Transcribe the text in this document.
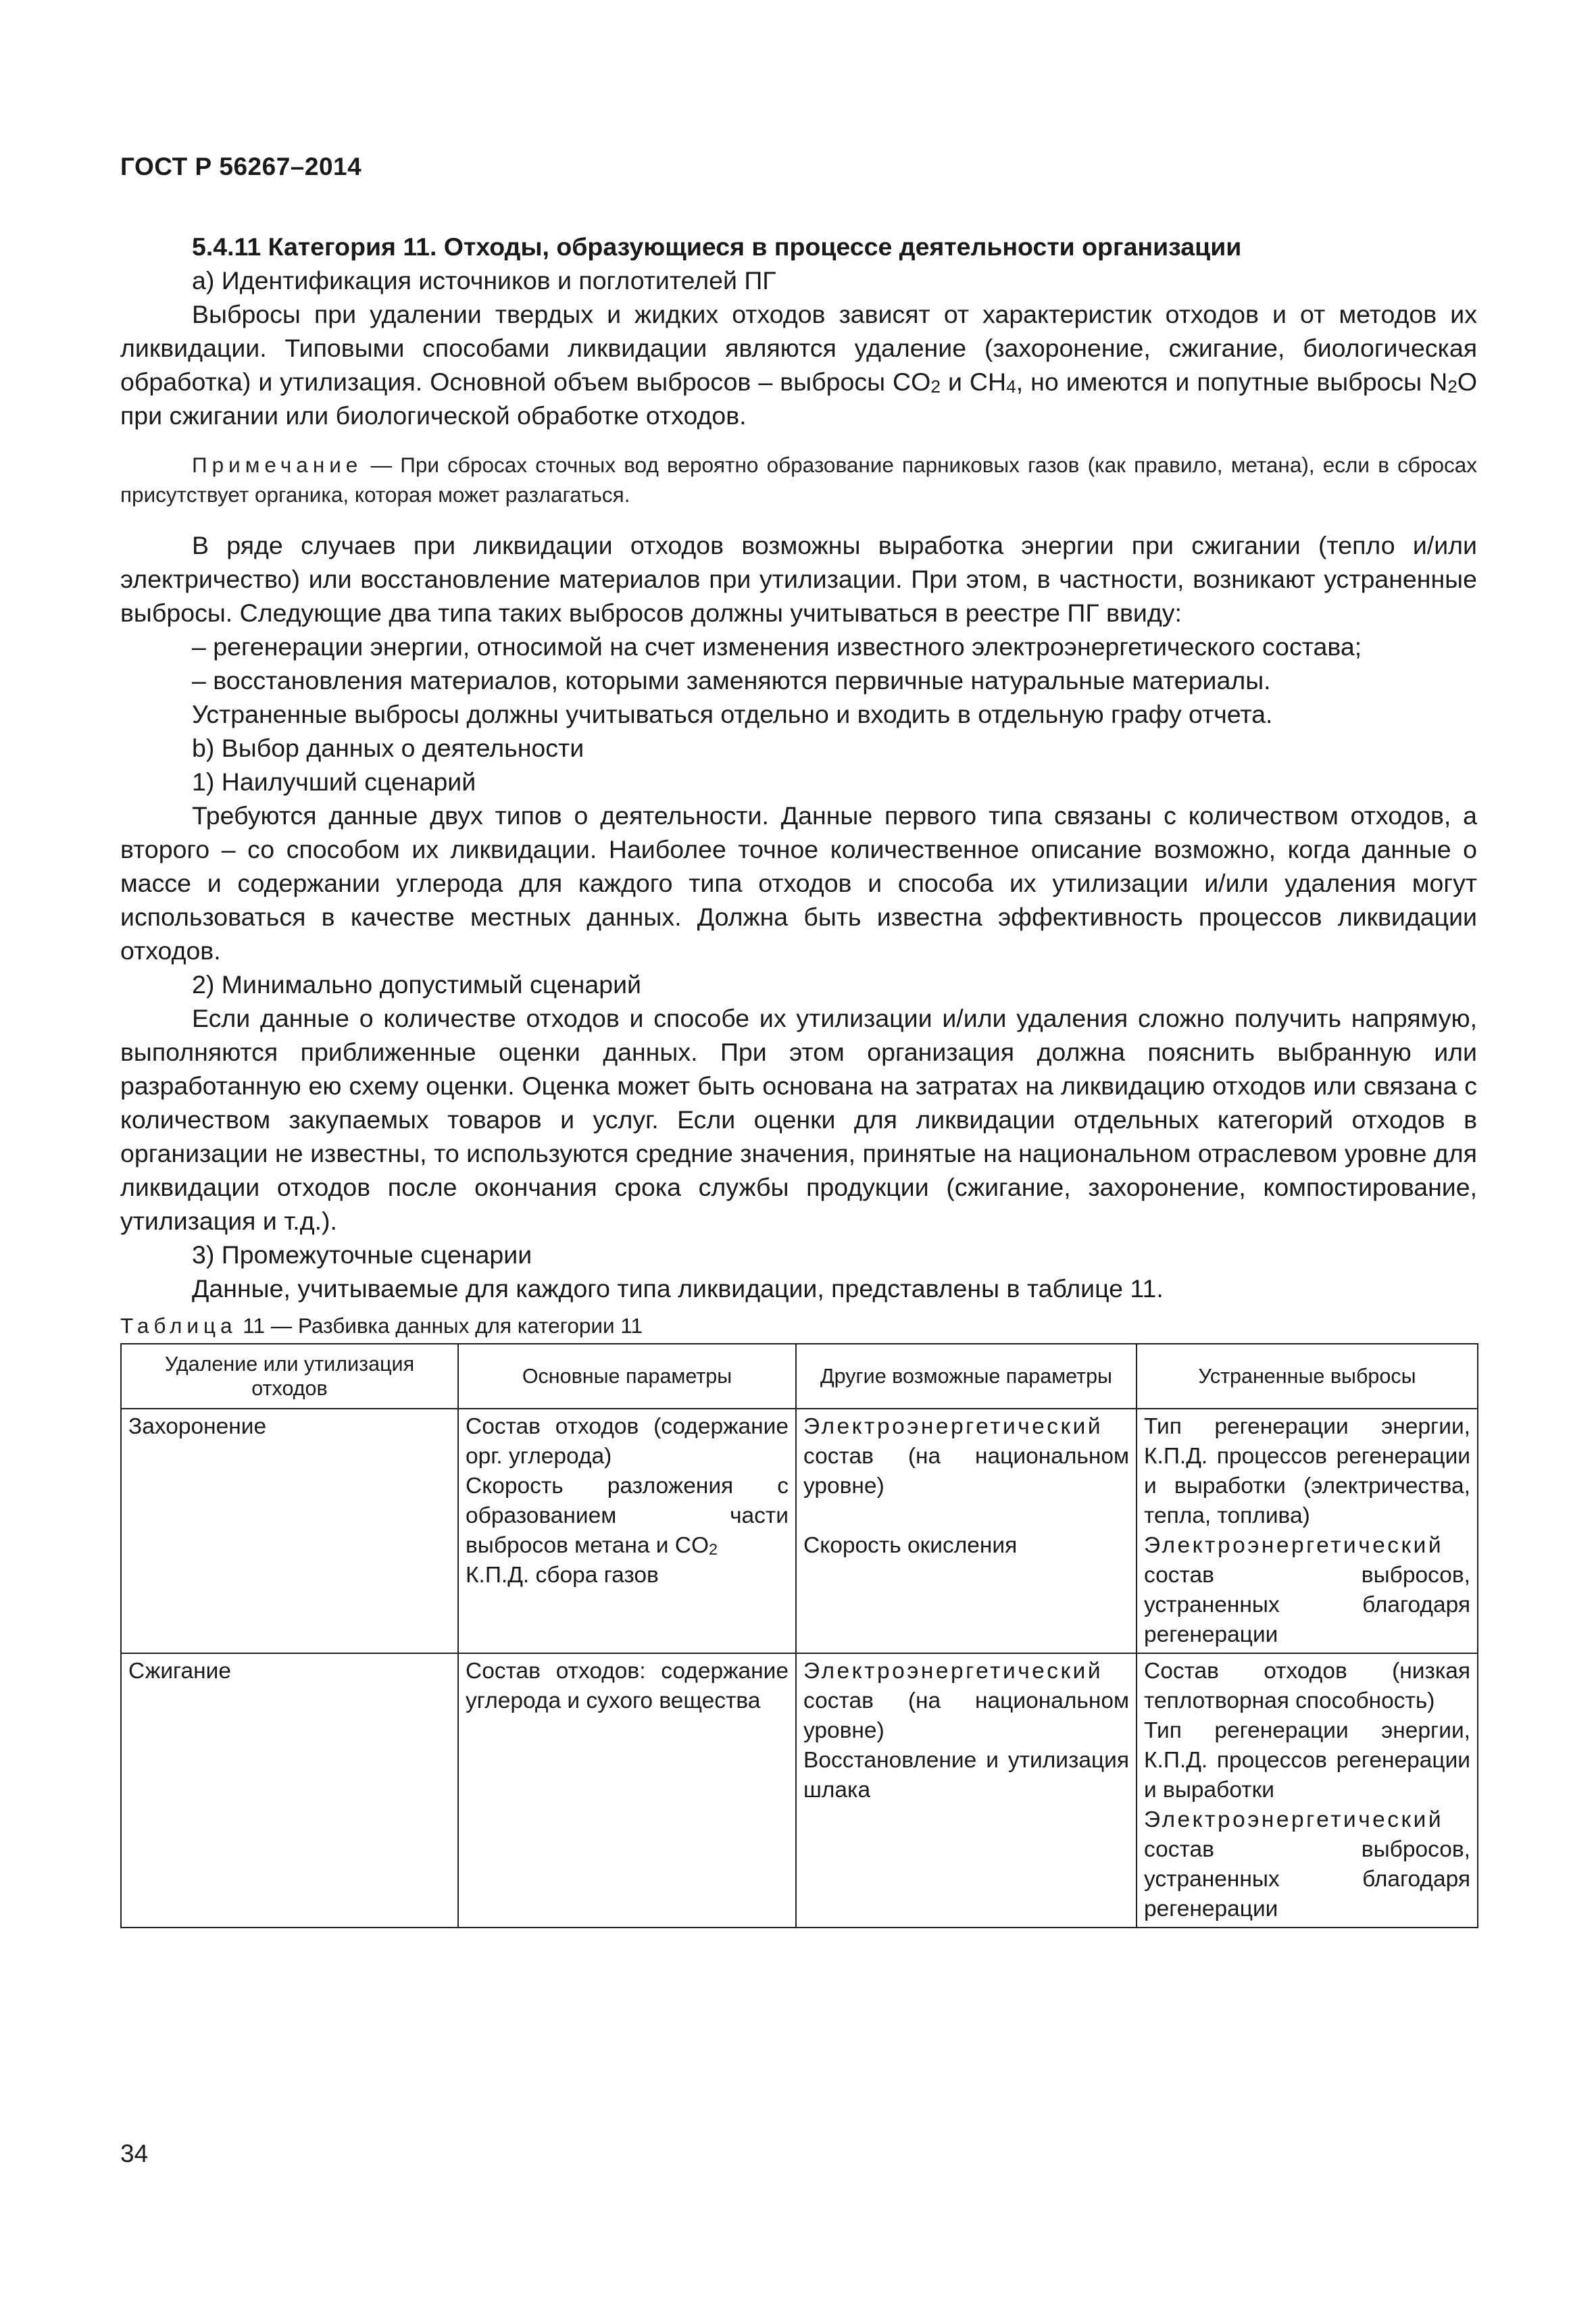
ГОСТ Р 56267–2014

5.4.11 Категория 11. Отходы, образующиеся в процессе деятельности организации

а) Идентификация источников и поглотителей ПГ

Выбросы при удалении твердых и жидких отходов зависят от характеристик отходов и от методов их ликвидации. Типовыми способами ликвидации являются удаление (захоронение, сжигание, биологическая обработка) и утилизация. Основной объем выбросов – выбросы $CO_2$ и $CH_4$, но имеются и попутные выбросы $N_2O$ при сжигании или биологической обработке отходов.

Примечание — При сбросах сточных вод вероятно образование парниковых газов (как правило, метана), если в сбросах присутствует органика, которая может разлагаться.

В ряде случаев при ликвидации отходов возможны выработка энергии при сжигании (тепло и/или электричество) или восстановление материалов при утилизации. При этом, в частности, возникают устраненные выбросы. Следующие два типа таких выбросов должны учитываться в реестре ПГ ввиду:

– регенерации энергии, относимой на счет изменения известного электроэнергетического состава;

– восстановления материалов, которыми заменяются первичные натуральные материалы.

Устраненные выбросы должны учитываться отдельно и входить в отдельную графу отчета.

b) Выбор данных о деятельности

1) Наилучший сценарий

Требуются данные двух типов о деятельности. Данные первого типа связаны с количеством отходов, а второго – со способом их ликвидации. Наиболее точное количественное описание возможно, когда данные о массе и содержании углерода для каждого типа отходов и способа их утилизации и/или удаления могут использоваться в качестве местных данных. Должна быть известна эффективность процессов ликвидации отходов.

2) Минимально допустимый сценарий

Если данные о количестве отходов и способе их утилизации и/или удаления сложно получить напрямую, выполняются приближенные оценки данных. При этом организация должна пояснить выбранную или разработанную ею схему оценки. Оценка может быть основана на затратах на ликвидацию отходов или связана с количеством закупаемых товаров и услуг. Если оценки для ликвидации отдельных категорий отходов в организации не известны, то используются средние значения, принятые на национальном отраслевом уровне для ликвидации отходов после окончания срока службы продукции (сжигание, захоронение, компостирование, утилизация и т.д.).

3) Промежуточные сценарии

Данные, учитываемые для каждого типа ликвидации, представлены в таблице 11.

Таблица 11 — Разбивка данных для категории 11
Удаление или утилизация отходов	Основные параметры	Другие возможные параметры	Устраненные выбросы

Захоронение	Состав отходов (содержание орг. углерода)
Скорость разложения с образованием части выбросов метана и $CO_2$
К.П.Д. сбора газов	Электроэнергетический
состав (на национальном уровне)
Скорость окисления	Тип регенерации энергии, К.П.Д. процессов регенерации и выработки (электричества, тепла, топлива)
Электроэнергетический
состав выбросов, устраненных благодаря регенерации

Сжигание	Состав отходов: содержание углерода и сухого вещества	Электроэнергетический
состав (на национальном уровне)
Восстановление и утилизация шлака	Состав отходов (низкая теплотворная способность)
Тип регенерации энергии, К.П.Д. процессов регенерации и выработки
Электроэнергетический
состав выбросов, устраненных благодаря регенерации
34
